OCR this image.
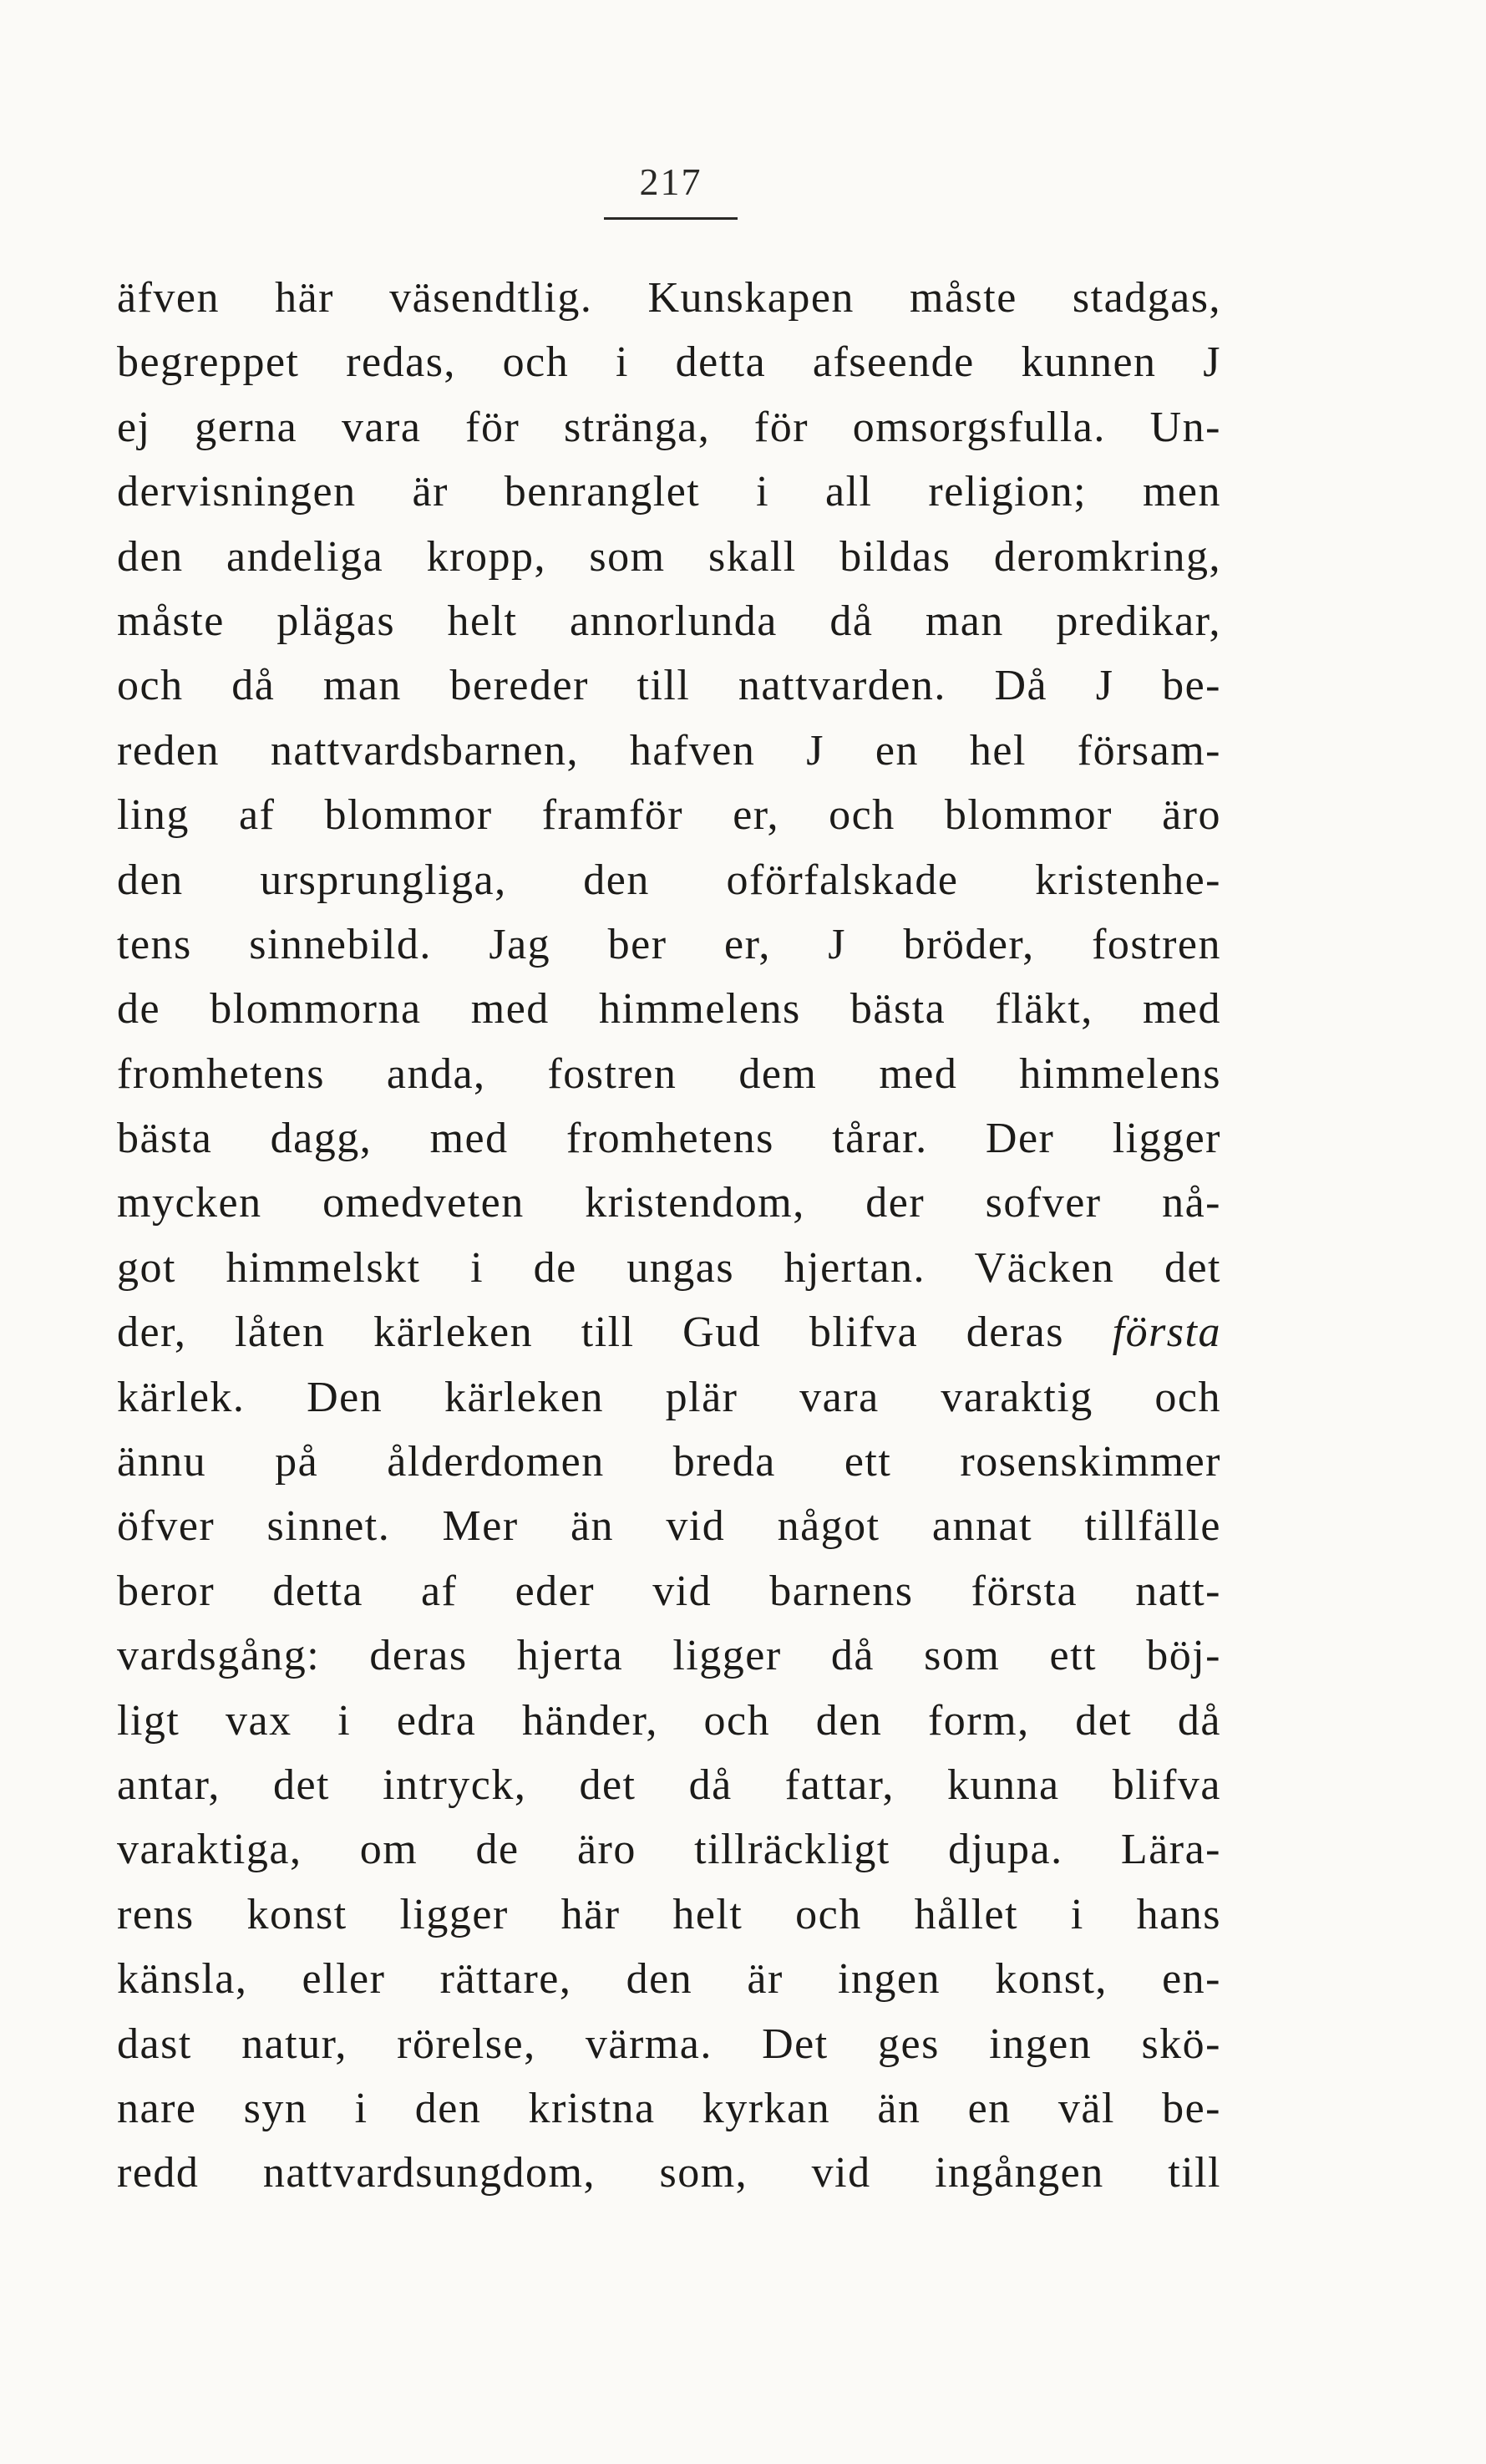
217
äfven här väsendtlig. Kunskapen måste stadgas,
begreppet redas, och i detta afseende kunnen J
ej gerna vara för stränga, för omsorgsfulla. Un-
dervisningen är benranglet i all religion; men
den andeliga kropp, som skall bildas deromkring,
måste plägas helt annorlunda då man predikar,
och då man bereder till nattvarden. Då J be-
reden nattvardsbarnen, hafven J en hel försam-
ling af blommor framför er, och blommor äro
den ursprungliga, den oförfalskade kristenhe-
tens sinnebild. Jag ber er, J bröder, fostren
de blommorna med himmelens bästa fläkt, med
fromhetens anda, fostren dem med himmelens
bästa dagg, med fromhetens tårar. Der ligger
mycken omedveten kristendom, der sofver nå-
got himmelskt i de ungas hjertan. Väcken det
der, låten kärleken till Gud blifva deras första
kärlek. Den kärleken plär vara varaktig och
ännu på ålderdomen breda ett rosenskimmer
öfver sinnet. Mer än vid något annat tillfälle
beror detta af eder vid barnens första natt-
vardsgång: deras hjerta ligger då som ett böj-
ligt vax i edra händer, och den form, det då
antar, det intryck, det då fattar, kunna blifva
varaktiga, om de äro tillräckligt djupa. Lära-
rens konst ligger här helt och hållet i hans
känsla, eller rättare, den är ingen konst, en-
dast natur, rörelse, värma. Det ges ingen skö-
nare syn i den kristna kyrkan än en väl be-
redd nattvardsungdom, som, vid ingången till
